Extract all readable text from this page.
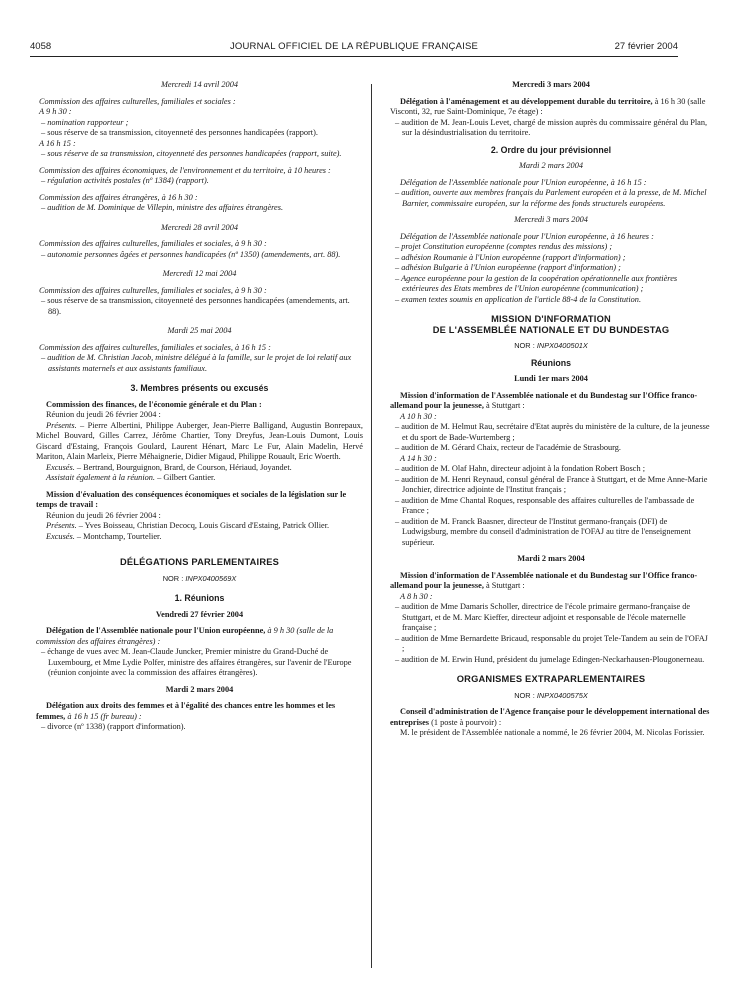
4058	JOURNAL OFFICIEL DE LA RÉPUBLIQUE FRANÇAISE	27 février 2004

Mercredi 14 avril 2004

Commission des affaires culturelles, familiales et sociales :

A 9 h 30 :

– nomination rapporteur ;

– sous réserve de sa transmission, citoyenneté des personnes handicapées (rapport).

A 16 h 15 :

– sous réserve de sa transmission, citoyenneté des personnes handicapées (rapport, suite).

Commission des affaires économiques, de l'environnement et du territoire, à 10 heures :

– régulation activités postales (nº 1384) (rapport).

Commission des affaires étrangères, à 16 h 30 :

– audition de M. Dominique de Villepin, ministre des affaires étrangères.

Mercredi 28 avril 2004

Commission des affaires culturelles, familiales et sociales, à 9 h 30 :

– autonomie personnes âgées et personnes handicapées (nº 1350) (amendements, art. 88).

Mercredi 12 mai 2004

Commission des affaires culturelles, familiales et sociales, à 9 h 30 :

– sous réserve de sa transmission, citoyenneté des personnes handicapées (amendements, art. 88).

Mardi 25 mai 2004

Commission des affaires culturelles, familiales et sociales, à 16 h 15 :

– audition de M. Christian Jacob, ministre délégué à la famille, sur le projet de loi relatif aux assistants maternels et aux assistants familiaux.

3. Membres présents ou excusés

Commission des finances, de l'économie générale et du Plan :

Réunion du jeudi 26 février 2004 :

Présents. – Pierre Albertini, Philippe Auberger, Jean-Pierre Balligand, Augustin Bonrepaux, Michel Bouvard, Gilles Carrez, Jérôme Chartier, Tony Dreyfus, Jean-Louis Dumont, Louis Giscard d'Estaing, François Goulard, Laurent Hénart, Marc Le Fur, Alain Madelin, Hervé Mariton, Alain Marleix, Pierre Méhaignerie, Didier Migaud, Philippe Rouault, Eric Woerth.

Excusés. – Bertrand, Bourguignon, Brard, de Courson, Hériaud, Joyandet.

Assistait également à la réunion. – Gilbert Gantier.

Mission d'évaluation des conséquences économiques et sociales de la législation sur le temps de travail :

Réunion du jeudi 26 février 2004 :

Présents. – Yves Boisseau, Christian Decocq, Louis Giscard d'Estaing, Patrick Ollier.

Excusés. – Montchamp, Tourtelier.

DÉLÉGATIONS PARLEMENTAIRES

NOR : INPX0400569X

1. Réunions

Vendredi 27 février 2004

Délégation de l'Assemblée nationale pour l'Union européenne, à 9 h 30 (salle de la commission des affaires étrangères) :

– échange de vues avec M. Jean-Claude Juncker, Premier ministre du Grand-Duché de Luxembourg, et Mme Lydie Polfer, ministre des affaires étrangères, sur l'avenir de l'Europe (réunion conjointe avec la commission des affaires étrangères).

Mardi 2 mars 2004

Délégation aux droits des femmes et à l'égalité des chances entre les hommes et les femmes, à 16 h 15 (fr bureau) :

– divorce (nº 1338) (rapport d'information).

Mercredi 3 mars 2004

Délégation à l'aménagement et au développement durable du territoire, à 16 h 30 (salle Visconti, 32, rue Saint-Dominique, 7e étage) :

– audition de M. Jean-Louis Levet, chargé de mission auprès du commissaire général du Plan, sur la désindustrialisation du territoire.

2. Ordre du jour prévisionnel

Mardi 2 mars 2004

Délégation de l'Assemblée nationale pour l'Union européenne, à 16 h 15 :

– audition, ouverte aux membres français du Parlement européen et à la presse, de M. Michel Barnier, commissaire européen, sur la réforme des fonds structurels européens.

Mercredi 3 mars 2004

Délégation de l'Assemblée nationale pour l'Union européenne, à 16 heures :

– projet Constitution européenne (comptes rendus des missions) ;

– adhésion Roumanie à l'Union européenne (rapport d'information) ;

– adhésion Bulgarie à l'Union européenne (rapport d'information) ;

– Agence européenne pour la gestion de la coopération opérationnelle aux frontières extérieures des Etats membres de l'Union européenne (communication) ;

– examen textes soumis en application de l'article 88-4 de la Constitution.

MISSION D'INFORMATION

DE L'ASSEMBLÉE NATIONALE ET DU BUNDESTAG

NOR : INPX0400501X

Réunions

Lundi 1er mars 2004

Mission d'information de l'Assemblée nationale et du Bundestag sur l'Office franco-allemand pour la jeunesse, à Stuttgart :

A 10 h 30 :

– audition de M. Helmut Rau, secrétaire d'Etat auprès du ministère de la culture, de la jeunesse et du sport de Bade-Wurtemberg ;

– audition de M. Gérard Chaix, recteur de l'académie de Strasbourg.

A 14 h 30 :

– audition de M. Olaf Hahn, directeur adjoint à la fondation Robert Bosch ;

– audition de M. Henri Reynaud, consul général de France à Stuttgart, et de Mme Anne-Marie Jonchier, directrice adjointe de l'Institut français ;

– audition de Mme Chantal Roques, responsable des affaires culturelles de l'ambassade de France ;

– audition de M. Franck Baasner, directeur de l'Institut germano-français (DFI) de Ludwigsburg, membre du conseil d'administration de l'OFAJ au titre de l'enseignement supérieur.

Mardi 2 mars 2004

Mission d'information de l'Assemblée nationale et du Bundestag sur l'Office franco-allemand pour la jeunesse, à Stuttgart :

A 8 h 30 :

– audition de Mme Damaris Scholler, directrice de l'école primaire germano-française de Stuttgart, et de M. Marc Kieffer, directeur adjoint et responsable de l'école maternelle française ;

– audition de Mme Bernardette Bricaud, responsable du projet Tele-Tandem au sein de l'OFAJ ;

– audition de M. Erwin Hund, président du jumelage Edingen-Neckarhausen-Plougonerneau.

ORGANISMES EXTRAPARLEMENTAIRES

NOR : INPX0400575X

Conseil d'administration de l'Agence française pour le développement international des entreprises (1 poste à pourvoir) :

M. le président de l'Assemblée nationale a nommé, le 26 février 2004, M. Nicolas Forissier.
